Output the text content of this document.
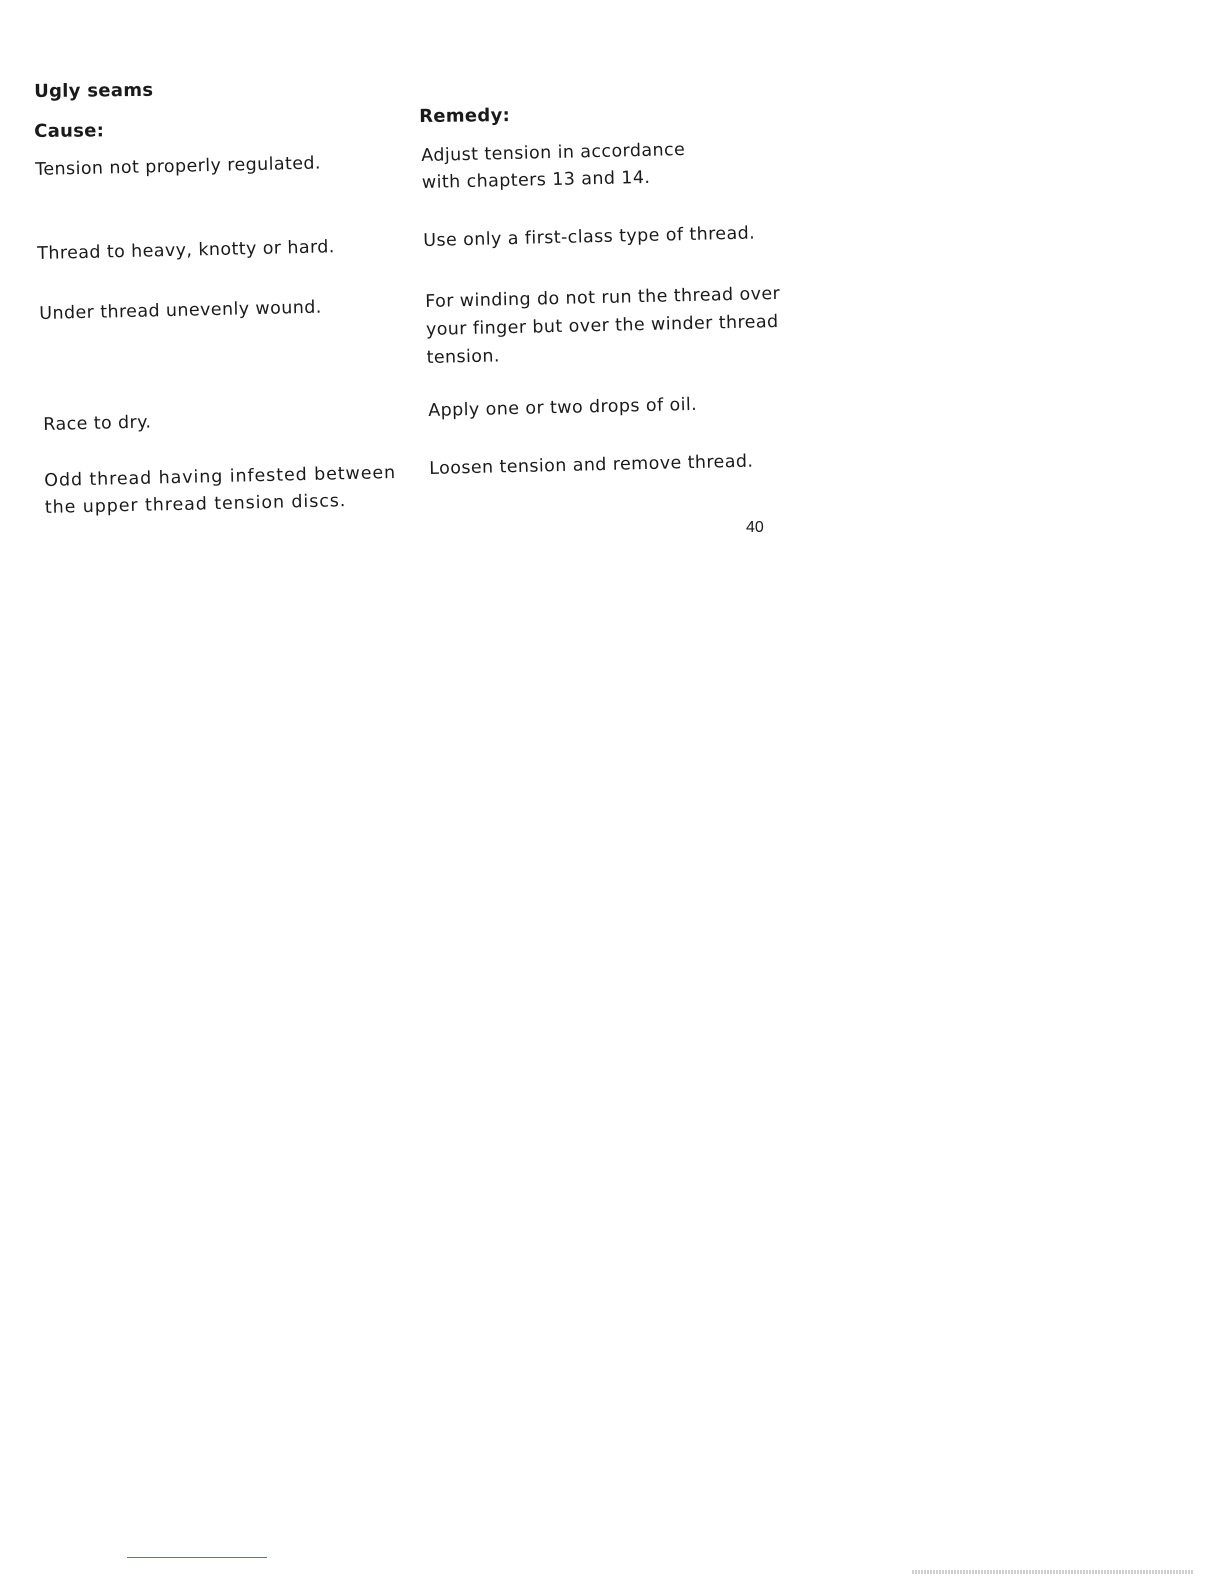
Ugly seams
Cause:
Remedy:

Tension not properly regulated.

Adjust tension in accordance
with chapters 13 and 14.

Thread to heavy, knotty or hard.	Use only a first-class type of thread.

Under thread unevenly wound.	For winding do not run the thread over
your finger but over the winder thread
tension.

Race to dry.

Apply one or two drops of oil.

Odd thread having infested between
the upper thread tension discs.

Loosen tension and remove thread.

40
